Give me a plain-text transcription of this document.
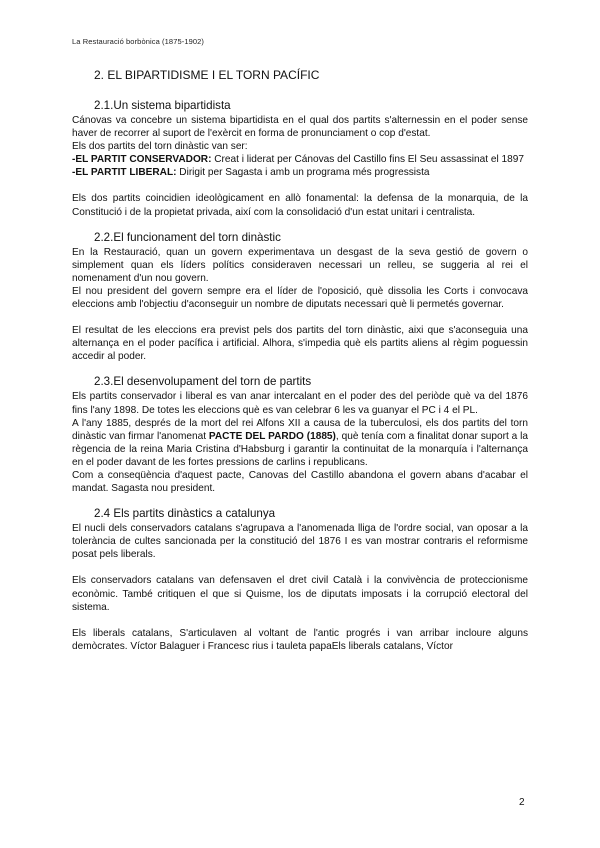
La Restauració borbònica (1875-1902)
2. EL BIPARTIDISME I EL TORN PACÍFIC
2.1.Un sistema bipartidista

Cánovas va concebre un sistema bipartidista en el qual dos partits s'alternessin en el poder sense haver de recorrer al suport de l'exèrcit en forma de pronunciament o cop d'estat.

Els dos partits del torn dinàstic van ser:

-EL PARTIT CONSERVADOR: Creat i liderat per Cánovas del Castillo fins El Seu assassinat el 1897

-EL PARTIT LIBERAL: Dirigit per Sagasta i amb un programa més progressista

Els dos partits coincidien ideològicament en allò fonamental: la defensa de la monarquia, de la Constitució i de la propietat privada, així com la consolidació d'un estat unitari i centralista.

2.2.El funcionament del torn dinàstic

En la Restauració, quan un govern experimentava un desgast de la seva gestió de govern o simplement quan els líders polítics consideraven necessari un relleu, se suggeria al rei el nomenament d'un nou govern.

El nou president del govern sempre era el líder de l'oposició, què dissolia les Corts i convocava eleccions amb l'objectiu d'aconseguir un nombre de diputats necessari què li permetés governar.

El resultat de les eleccions era previst pels dos partits del torn dinàstic, aixi que s'aconseguia una alternança en el poder pacífica i artificial. Alhora, s'impedia què els partits aliens al règim poguessin accedir al poder.

2.3.El desenvolupament del torn de partits

Els partits conservador i liberal es van anar intercalant en el poder des del periòde què va del 1876 fins l'any 1898. De totes les eleccions què es van celebrar 6 les va guanyar el PC i 4 el PL.

A l'any 1885, després de la mort del rei Alfons XII a causa de la tuberculosi, els dos partits del torn dinàstic van firmar l'anomenat PACTE DEL PARDO (1885), què tenía com a finalitat donar suport a la règencia de la reina Maria Cristina d'Habsburg i garantir la continuitat de la monarquía i l'alternança en el poder davant de les fortes pressions de carlins i republicans.

Com a conseqüència d'aquest pacte, Canovas del Castillo abandona el govern abans d'acabar el mandat. Sagasta nou president.

2.4 Els partits dinàstics a catalunya

El nucli dels conservadors catalans s'agrupava a l'anomenada lliga de l'ordre social, van oposar a la tolerància de cultes sancionada per la constitució del 1876 I es van mostrar contraris el reformisme posat pels liberals.

Els conservadors catalans van defensaven el dret civil Català i la convivència de proteccionisme econòmic. També critiquen el que si Quisme, los de diputats imposats i la corrupció electoral del sistema.

Els liberals catalans, S'articulaven al voltant de l'antic progrés i van arribar incloure alguns demòcrates. Víctor Balaguer i Francesc rius i tauleta papaEls liberals catalans, Víctor

2
